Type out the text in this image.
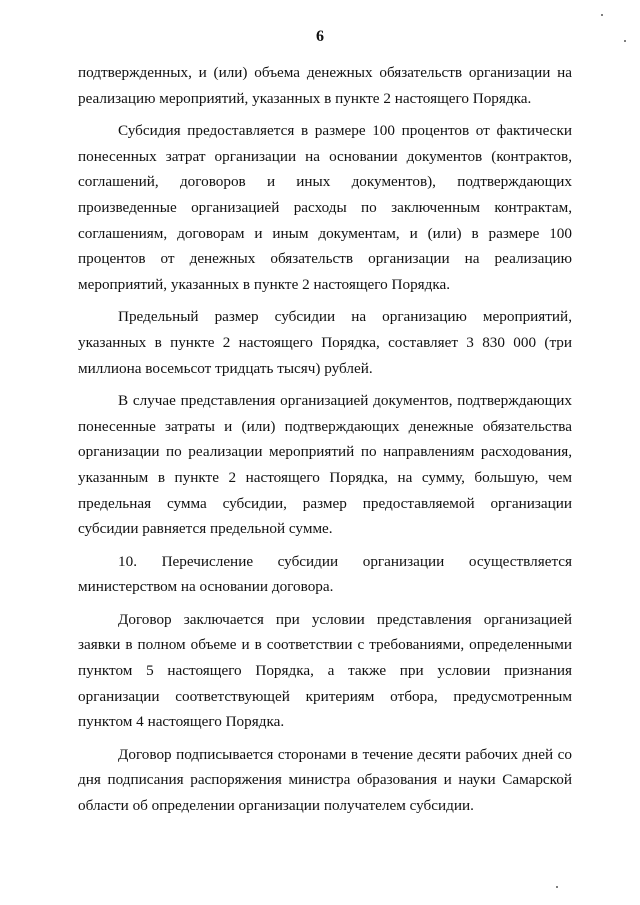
6

подтвержденных, и (или) объема денежных обязательств организации на реализацию мероприятий, указанных в пункте 2 настоящего Порядка.

Субсидия предоставляется в размере 100 процентов от фактически понесенных затрат организации на основании документов (контрактов, соглашений, договоров и иных документов), подтверждающих произведенные организацией расходы по заключенным контрактам, соглашениям, договорам и иным документам, и (или) в размере 100 процентов от денежных обязательств организации на реализацию мероприятий, указанных в пункте 2 настоящего Порядка.

Предельный размер субсидии на организацию мероприятий, указанных в пункте 2 настоящего Порядка, составляет 3 830 000 (три миллиона восемьсот тридцать тысяч) рублей.

В случае представления организацией документов, подтверждающих понесенные затраты и (или) подтверждающих денежные обязательства организации по реализации мероприятий по направлениям расходования, указанным в пункте 2 настоящего Порядка, на сумму, большую, чем предельная сумма субсидии, размер предоставляемой организации субсидии равняется предельной сумме.

10. Перечисление субсидии организации осуществляется министерством на основании договора.

Договор заключается при условии представления организацией заявки в полном объеме и в соответствии с требованиями, определенными пунктом 5 настоящего Порядка, а также при условии признания организации соответствующей критериям отбора, предусмотренным пунктом 4 настоящего Порядка.

Договор подписывается сторонами в течение десяти рабочих дней со дня подписания распоряжения министра образования и науки Самарской области об определении организации получателем субсидии.
